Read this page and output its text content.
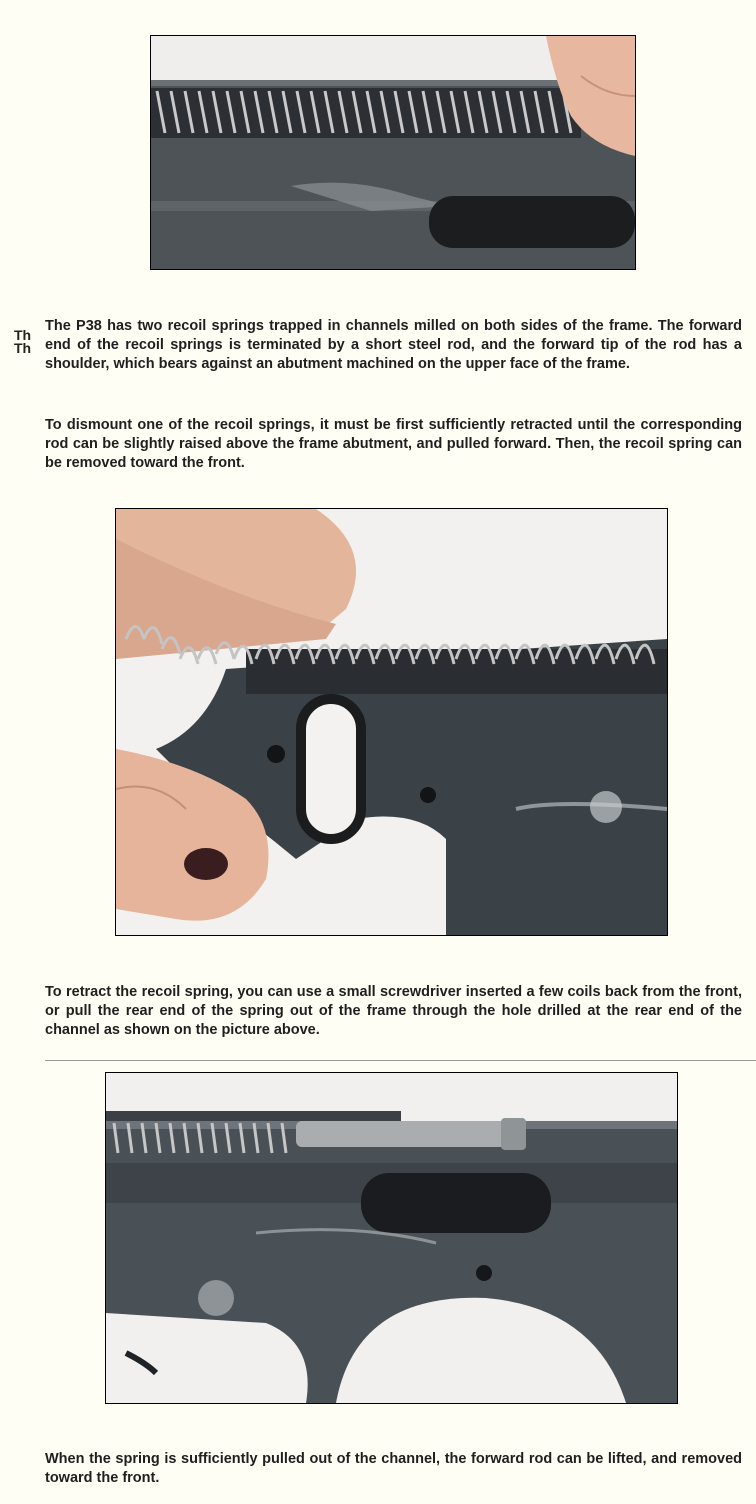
Th
Th

The P38 has two recoil springs trapped in channels milled on both sides of the frame. The forward end of the recoil springs is terminated by a short steel rod, and the forward tip of the rod has a shoulder, which bears against an abutment machined on the upper face of the frame.

To dismount one of the recoil springs, it must be first sufficiently retracted until the corresponding rod can be slightly raised above the frame abutment, and pulled forward. Then, the recoil spring can be removed toward the front.

To retract the recoil spring, you can use a small screwdriver inserted a few coils back from the front, or pull the rear end of the spring out of the frame through the hole drilled at the rear end of the channel as shown on the picture above.

When the spring is sufficiently pulled out of the channel, the forward rod can be lifted, and removed toward the front.
